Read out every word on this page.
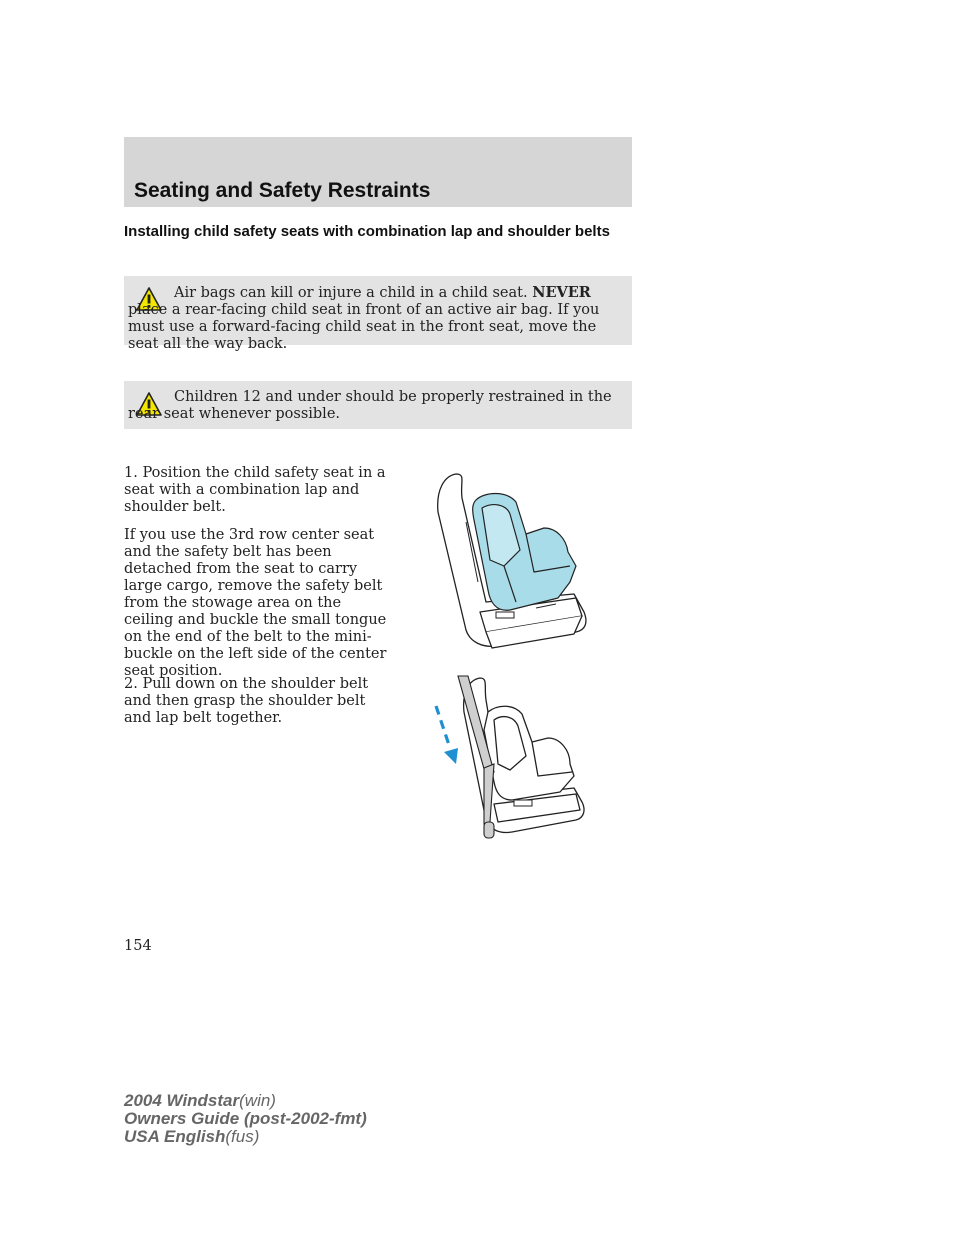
Seating and Safety Restraints
Installing child safety seats with combination lap and shoulder belts
Air bags can kill or injure a child in a child seat. NEVER place a rear-facing child seat in front of an active air bag. If you must use a forward-facing child seat in the front seat, move the seat all the way back.
Children 12 and under should be properly restrained in the rear seat whenever possible.
1. Position the child safety seat in a seat with a combination lap and shoulder belt.
If you use the 3rd row center seat and the safety belt has been detached from the seat to carry large cargo, remove the safety belt from the stowage area on the ceiling and buckle the small tongue on the end of the belt to the mini-buckle on the left side of the center seat position.
2. Pull down on the shoulder belt and then grasp the shoulder belt and lap belt together.
154
2004 Windstar(win)
Owners Guide (post-2002-fmt)
USA English(fus)
